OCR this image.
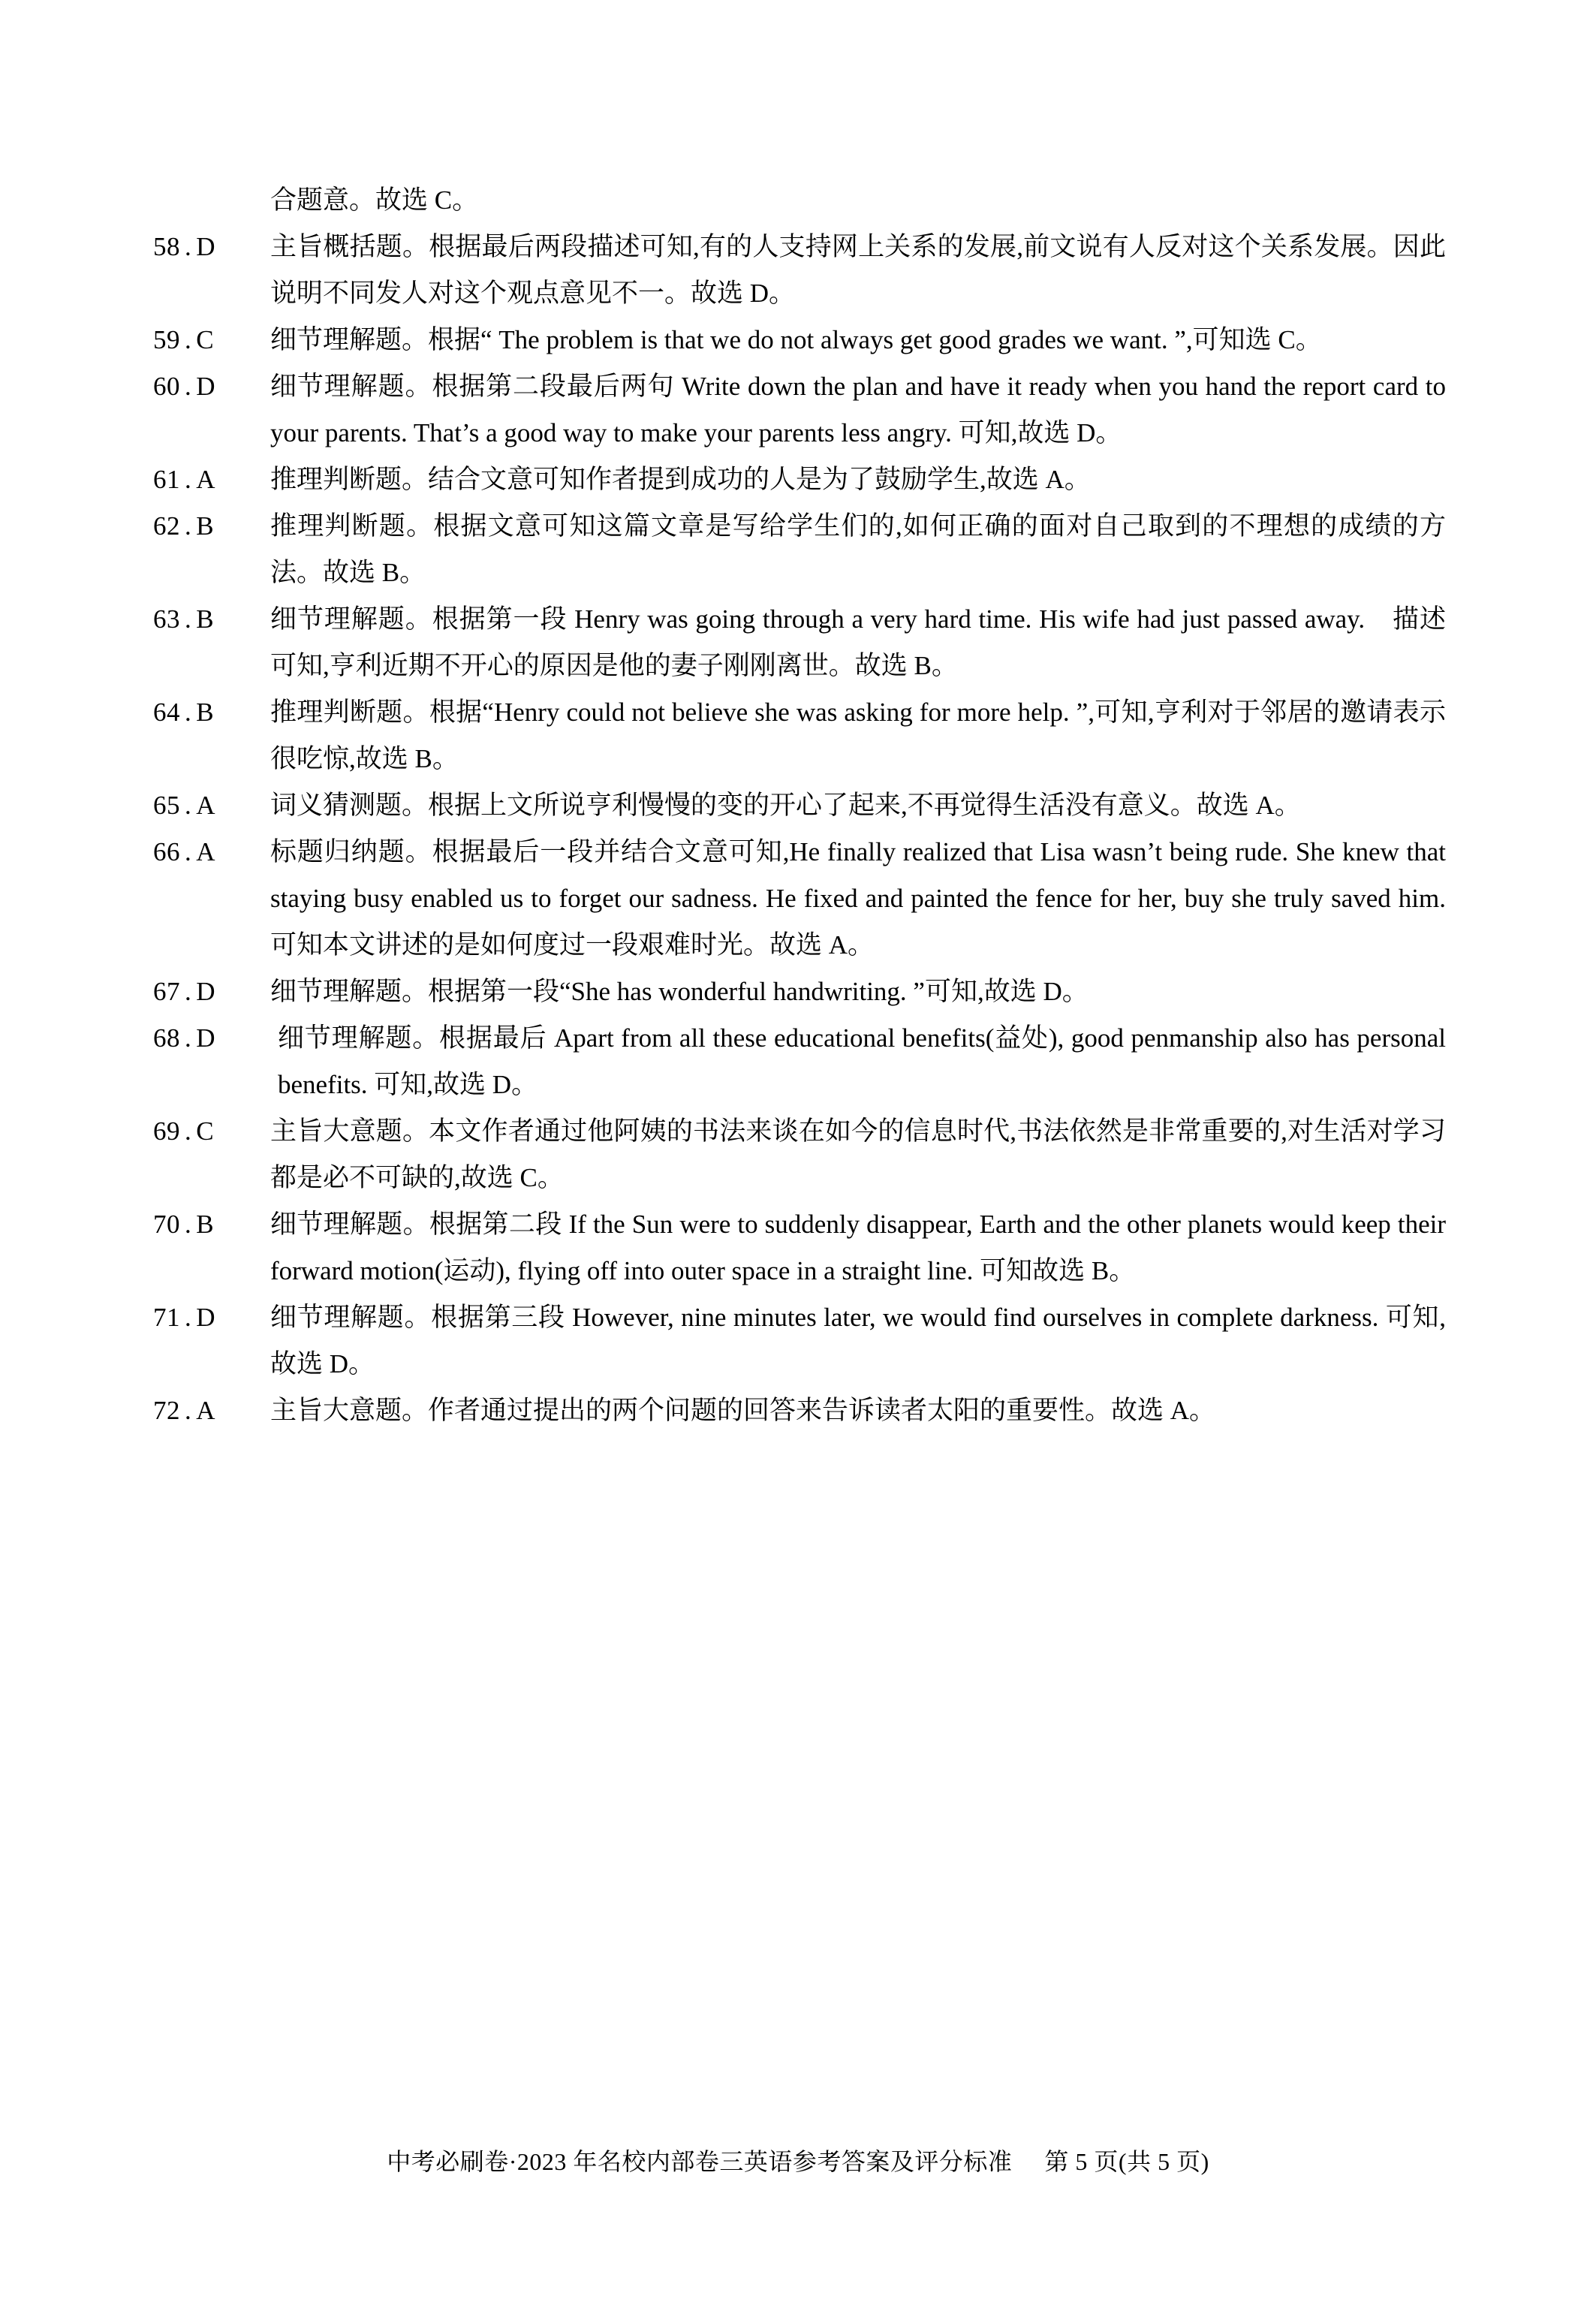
合题意。故选 C。
58 . D	主旨概括题。根据最后两段描述可知,有的人支持网上关系的发展,前文说有人反对这个关系发展。因此说明不同发人对这个观点意见不一。故选 D。
59 . C	细节理解题。根据“ The problem is that we do not always get good grades we want. ”,可知选 C。
60 . D	细节理解题。根据第二段最后两句 Write down the plan and have it ready when you hand the report card to your parents. That’s a good way to make your parents less angry. 可知,故选 D。
61 . A	推理判断题。结合文意可知作者提到成功的人是为了鼓励学生,故选 A。
62 . B	推理判断题。根据文意可知这篇文章是写给学生们的,如何正确的面对自己取到的不理想的成绩的方法。故选 B。
63 . B	细节理解题。根据第一段 Henry was going through a very hard time. His wife had just passed away.　描述可知,亨利近期不开心的原因是他的妻子刚刚离世。故选 B。
64 . B	推理判断题。根据“Henry could not believe she was asking for more help. ”,可知,亨利对于邻居的邀请表示很吃惊,故选 B。
65 . A	词义猜测题。根据上文所说亨利慢慢的变的开心了起来,不再觉得生活没有意义。故选 A。
66 . A	标题归纳题。根据最后一段并结合文意可知,He finally realized that Lisa wasn’t being rude. She knew that staying busy enabled us to forget our sadness. He fixed and painted the fence for her, buy she truly saved him. 可知本文讲述的是如何度过一段艰难时光。故选 A。
67 . D	细节理解题。根据第一段“She has wonderful handwriting. ”可知,故选 D。
68 . D	细节理解题。根据最后 Apart from all these educational benefits(益处), good penmanship also has personal benefits. 可知,故选 D。
69 . C	主旨大意题。本文作者通过他阿姨的书法来谈在如今的信息时代,书法依然是非常重要的,对生活对学习都是必不可缺的,故选 C。
70 . B	细节理解题。根据第二段 If the Sun were to suddenly disappear, Earth and the other planets would keep their forward motion(运动), flying off into outer space in a straight line. 可知故选 B。
71 . D	细节理解题。根据第三段 However, nine minutes later, we would find ourselves in complete darkness. 可知,故选 D。
72 . A	主旨大意题。作者通过提出的两个问题的回答来告诉读者太阳的重要性。故选 A。
中考必刷卷·2023 年名校内部卷三英语参考答案及评分标准 第 5 页(共 5 页)
